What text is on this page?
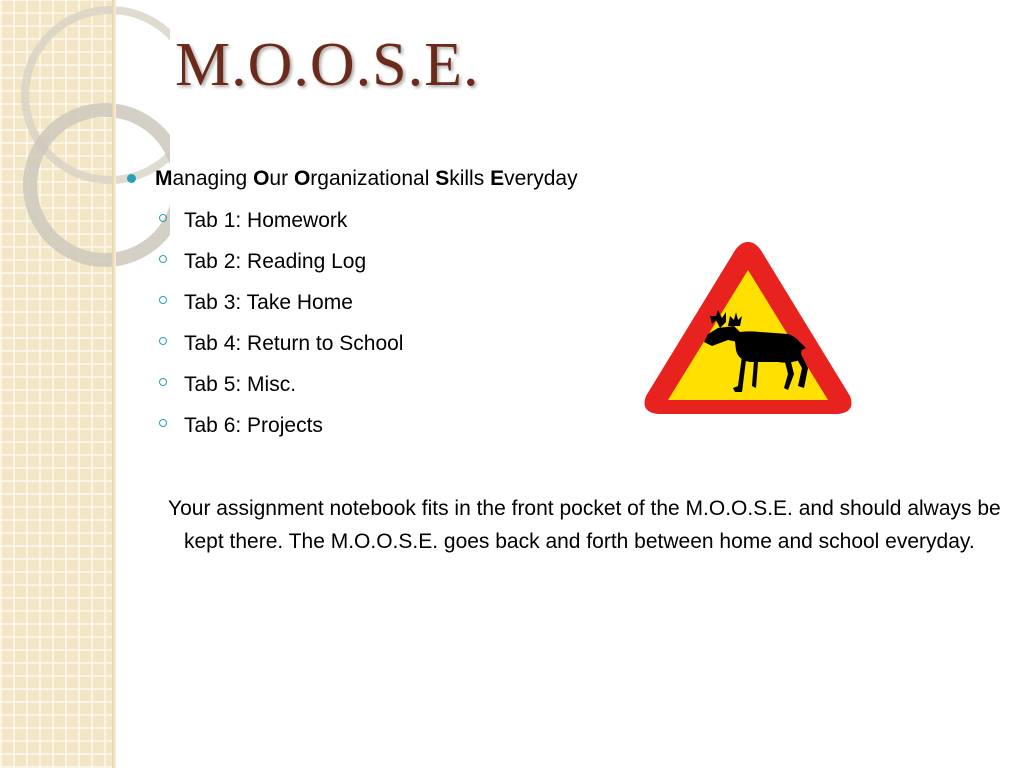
M.O.O.S.E.
Managing Our Organizational Skills Everyday
Tab 1: Homework
Tab 2: Reading Log
Tab 3: Take Home
Tab 4: Return to School
Tab 5: Misc.
Tab 6: Projects
Your assignment notebook fits in the front pocket of the M.O.O.S.E. and should always be kept there. The M.O.O.S.E. goes back and forth between home and school everyday.
